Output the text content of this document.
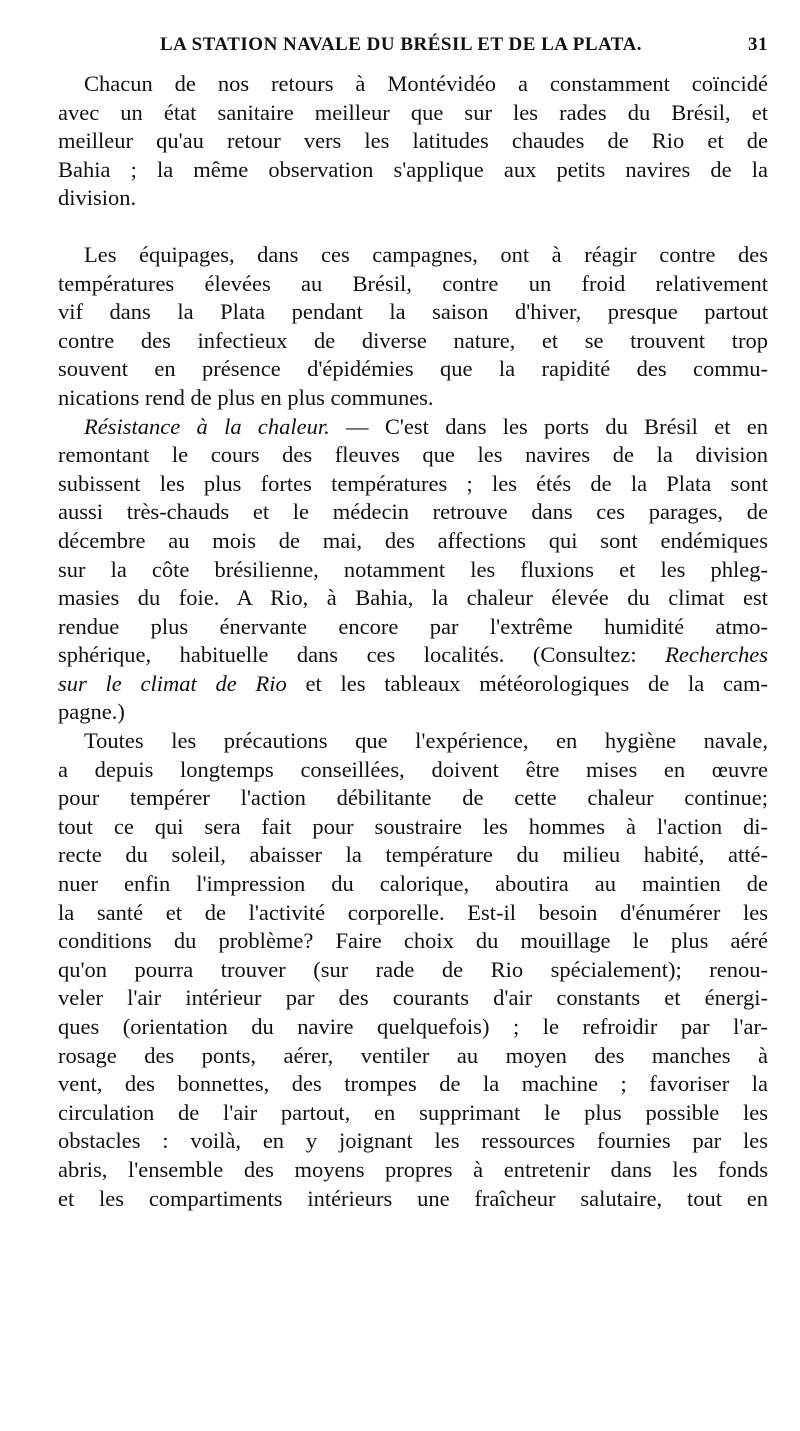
LA STATION NAVALE DU BRÉSIL ET DE LA PLATA.	31
Chacun de nos retours à Montévidéo a constamment coïncidé
avec un état sanitaire meilleur que sur les rades du Brésil, et
meilleur qu'au retour vers les latitudes chaudes de Rio et de
Bahia ; la même observation s'applique aux petits navires de la
division.
Les équipages, dans ces campagnes, ont à réagir contre des
températures élevées au Brésil, contre un froid relativement
vif dans la Plata pendant la saison d'hiver, presque partout
contre des infectieux de diverse nature, et se trouvent trop
souvent en présence d'épidémies que la rapidité des commu-
nications rend de plus en plus communes.
Résistance à la chaleur. — C'est dans les ports du Brésil et en
remontant le cours des fleuves que les navires de la division
subissent les plus fortes températures ; les étés de la Plata sont
aussi très-chauds et le médecin retrouve dans ces parages, de
décembre au mois de mai, des affections qui sont endémiques
sur la côte brésilienne, notamment les fluxions et les phleg-
masies du foie. A Rio, à Bahia, la chaleur élevée du climat est
rendue plus énervante encore par l'extrême humidité atmo-
sphérique, habituelle dans ces localités. (Consultez: Recherches
sur le climat de Rio et les tableaux météorologiques de la cam-
pagne.)
Toutes les précautions que l'expérience, en hygiène navale,
a depuis longtemps conseillées, doivent être mises en œuvre
pour tempérer l'action débilitante de cette chaleur continue;
tout ce qui sera fait pour soustraire les hommes à l'action di-
recte du soleil, abaisser la température du milieu habité, atté-
nuer enfin l'impression du calorique, aboutira au maintien de
la santé et de l'activité corporelle. Est-il besoin d'énumérer les
conditions du problème? Faire choix du mouillage le plus aéré
qu'on pourra trouver (sur rade de Rio spécialement); renou-
veler l'air intérieur par des courants d'air constants et énergi-
ques (orientation du navire quelquefois) ; le refroidir par l'ar-
rosage des ponts, aérer, ventiler au moyen des manches à
vent, des bonnettes, des trompes de la machine ; favoriser la
circulation de l'air partout, en supprimant le plus possible les
obstacles : voilà, en y joignant les ressources fournies par les
abris, l'ensemble des moyens propres à entretenir dans les fonds
et les compartiments intérieurs une fraîcheur salutaire, tout en
